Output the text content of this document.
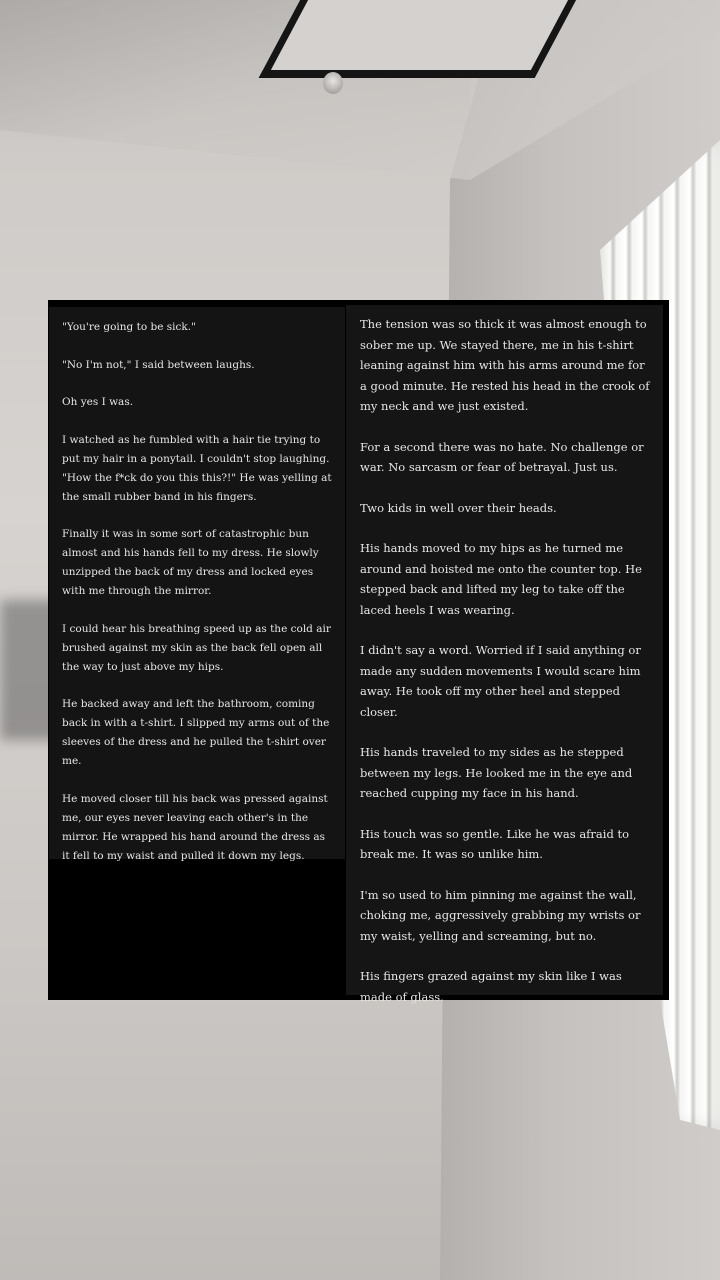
"You're going to be sick."

"No I'm not," I said between laughs.

Oh yes I was.

I watched as he fumbled with a hair tie trying to put my hair in a ponytail. I couldn't stop laughing. "How the f*ck do you this this?!" He was yelling at the small rubber band in his fingers.

Finally it was in some sort of catastrophic bun almost and his hands fell to my dress. He slowly unzipped the back of my dress and locked eyes with me through the mirror.

I could hear his breathing speed up as the cold air brushed against my skin as the back fell open all the way to just above my hips.

He backed away and left the bathroom, coming back in with a t-shirt. I slipped my arms out of the sleeves of the dress and he pulled the t-shirt over me.

He moved closer till his back was pressed against me, our eyes never leaving each other's in the mirror. He wrapped his hand around the dress as it fell to my waist and pulled it down my legs.

The tension was so thick it was almost enough to sober me up. We stayed there, me in his t-shirt leaning against him with his arms around me for a good minute. He rested his head in the crook of my neck and we just existed.

For a second there was no hate. No challenge or war. No sarcasm or fear of betrayal. Just us.

Two kids in well over their heads.

His hands moved to my hips as he turned me around and hoisted me onto the counter top. He stepped back and lifted my leg to take off the laced heels I was wearing.

I didn't say a word. Worried if I said anything or made any sudden movements I would scare him away. He took off my other heel and stepped closer.

His hands traveled to my sides as he stepped between my legs. He looked me in the eye and reached cupping my face in his hand.

His touch was so gentle. Like he was afraid to break me. It was so unlike him.

I'm so used to him pinning me against the wall, choking me, aggressively grabbing my wrists or my waist, yelling and screaming, but no.

His fingers grazed against my skin like I was made of glass.
